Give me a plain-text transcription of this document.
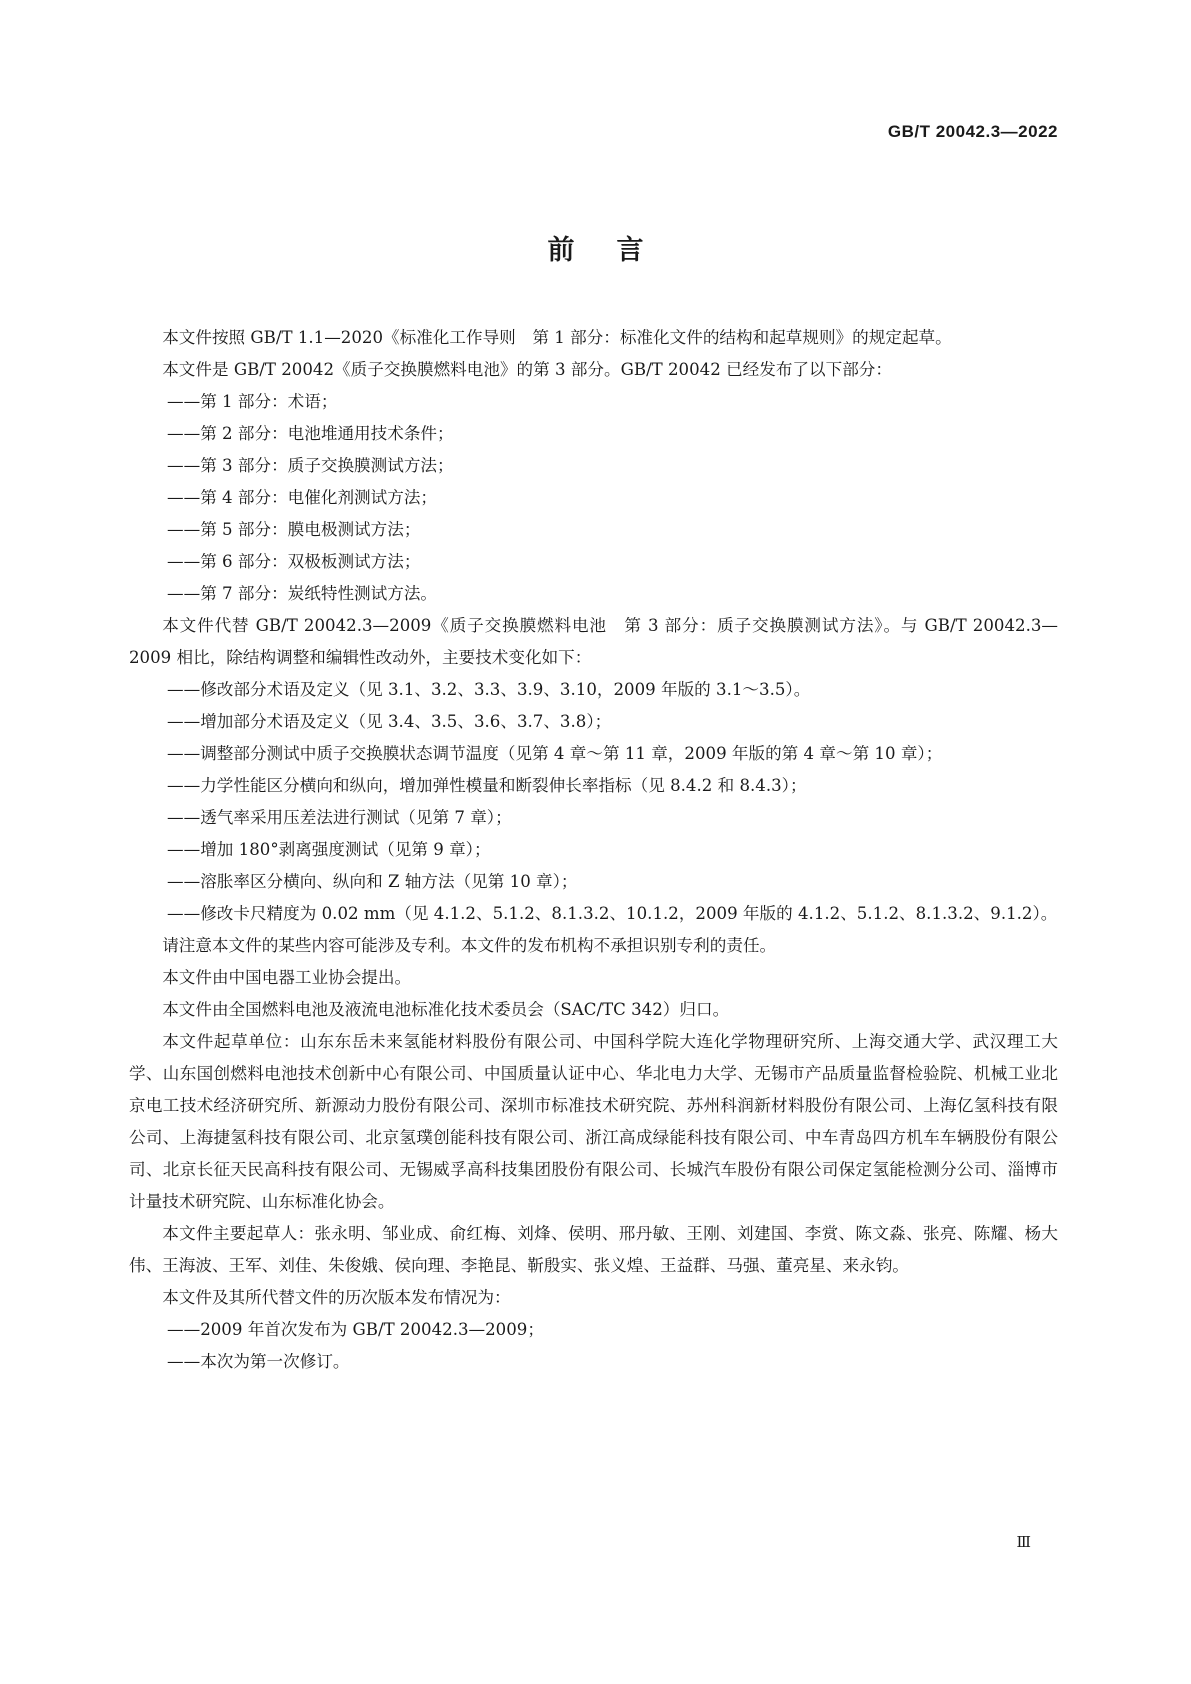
GB/T 20042.3—2022
前言

本文件按照 GB/T 1.1—2020《标准化工作导则　第 1 部分：标准化文件的结构和起草规则》的规定起草。

本文件是 GB/T 20042《质子交换膜燃料电池》的第 3 部分。GB/T 20042 已经发布了以下部分：

——第 1 部分：术语；

——第 2 部分：电池堆通用技术条件；

——第 3 部分：质子交换膜测试方法；

——第 4 部分：电催化剂测试方法；

——第 5 部分：膜电极测试方法；

——第 6 部分：双极板测试方法；

——第 7 部分：炭纸特性测试方法。

本文件代替 GB/T 20042.3—2009《质子交换膜燃料电池　第 3 部分：质子交换膜测试方法》。与 GB/T 20042.3—2009 相比，除结构调整和编辑性改动外，主要技术变化如下：

——修改部分术语及定义（见 3.1、3.2、3.3、3.9、3.10，2009 年版的 3.1～3.5）。

——增加部分术语及定义（见 3.4、3.5、3.6、3.7、3.8）；

——调整部分测试中质子交换膜状态调节温度（见第 4 章～第 11 章，2009 年版的第 4 章～第 10 章）；

——力学性能区分横向和纵向，增加弹性模量和断裂伸长率指标（见 8.4.2 和 8.4.3）；

——透气率采用压差法进行测试（见第 7 章）；

——增加 180°剥离强度测试（见第 9 章）；

——溶胀率区分横向、纵向和 Z 轴方法（见第 10 章）；

——修改卡尺精度为 0.02 mm（见 4.1.2、5.1.2、8.1.3.2、10.1.2，2009 年版的 4.1.2、5.1.2、8.1.3.2、9.1.2）。

请注意本文件的某些内容可能涉及专利。本文件的发布机构不承担识别专利的责任。

本文件由中国电器工业协会提出。

本文件由全国燃料电池及液流电池标准化技术委员会（SAC/TC 342）归口。

本文件起草单位：山东东岳未来氢能材料股份有限公司、中国科学院大连化学物理研究所、上海交通大学、武汉理工大学、山东国创燃料电池技术创新中心有限公司、中国质量认证中心、华北电力大学、无锡市产品质量监督检验院、机械工业北京电工技术经济研究所、新源动力股份有限公司、深圳市标准技术研究院、苏州科润新材料股份有限公司、上海亿氢科技有限公司、上海捷氢科技有限公司、北京氢璞创能科技有限公司、浙江高成绿能科技有限公司、中车青岛四方机车车辆股份有限公司、北京长征天民高科技有限公司、无锡威孚高科技集团股份有限公司、长城汽车股份有限公司保定氢能检测分公司、淄博市计量技术研究院、山东标准化协会。

本文件主要起草人：张永明、邹业成、俞红梅、刘烽、侯明、邢丹敏、王刚、刘建国、李赏、陈文淼、张亮、陈耀、杨大伟、王海波、王军、刘佳、朱俊娥、侯向理、李艳昆、靳殷实、张义煌、王益群、马强、董亮星、来永钧。

本文件及其所代替文件的历次版本发布情况为：

——2009 年首次发布为 GB/T 20042.3—2009；

——本次为第一次修订。

Ⅲ
